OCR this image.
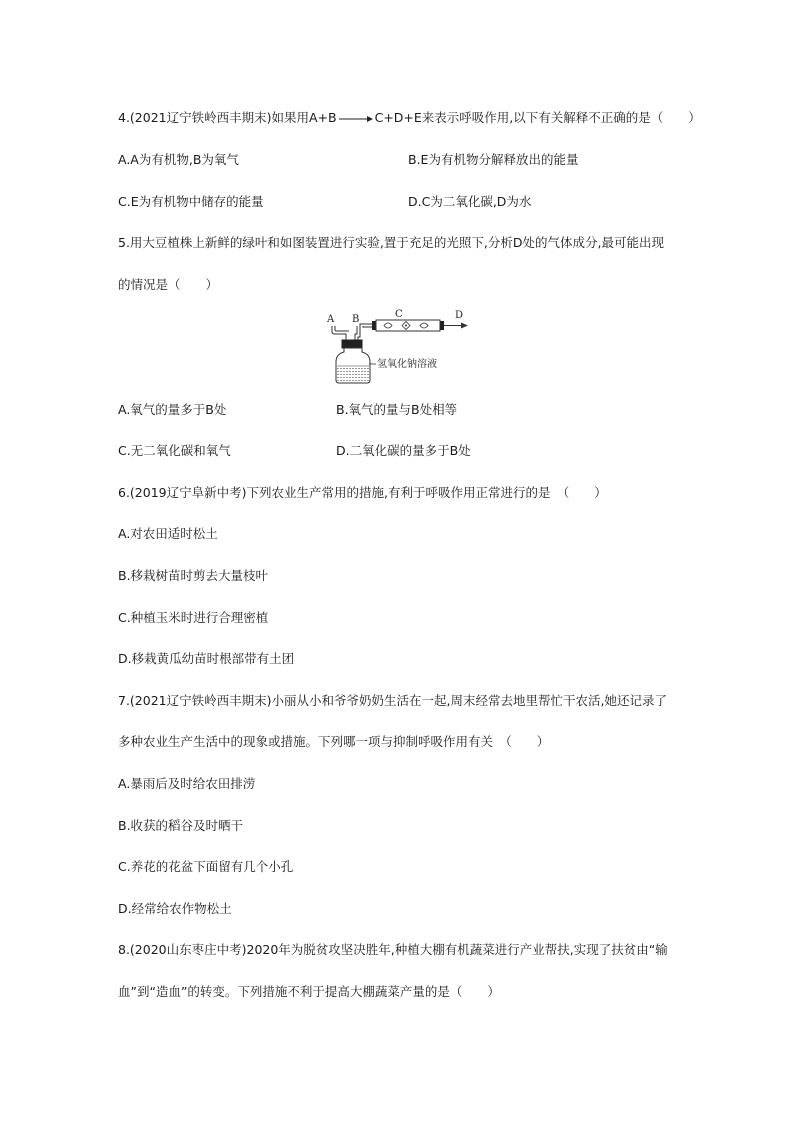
4.(2021辽宁铁岭西丰期末)如果用A+B→C+D+E来表示呼吸作用,以下有关解释不正确的是（　　）
A.A为有机物,B为氧气	B.E为有机物分解释放出的能量
C.E为有机物中储存的能量	D.C为二氧化碳,D为水
5.用大豆植株上新鲜的绿叶和如图装置进行实验,置于充足的光照下,分析D处的气体成分,最可能出现
的情况是（　　）
A B	C	D
氢氧化钠溶液
A.氧气的量多于B处	B.氧气的量与B处相等
C.无二氧化碳和氧气	D.二氧化碳的量多于B处
6.(2019辽宁阜新中考)下列农业生产常用的措施,有利于呼吸作用正常进行的是　（　　）
A.对农田适时松土
B.移栽树苗时剪去大量枝叶
C.种植玉米时进行合理密植
D.移栽黄瓜幼苗时根部带有土团
7.(2021辽宁铁岭西丰期末)小丽从小和爷爷奶奶生活在一起,周末经常去地里帮忙干农活,她还记录了
多种农业生产生活中的现象或措施。下列哪一项与抑制呼吸作用有关　（　　）
A.暴雨后及时给农田排涝
B.收获的稻谷及时晒干
C.养花的花盆下面留有几个小孔
D.经常给农作物松土
8.(2020山东枣庄中考)2020年为脱贫攻坚决胜年,种植大棚有机蔬菜进行产业帮扶,实现了扶贫由“输
血”到“造血”的转变。下列措施不利于提高大棚蔬菜产量的是（　　）
